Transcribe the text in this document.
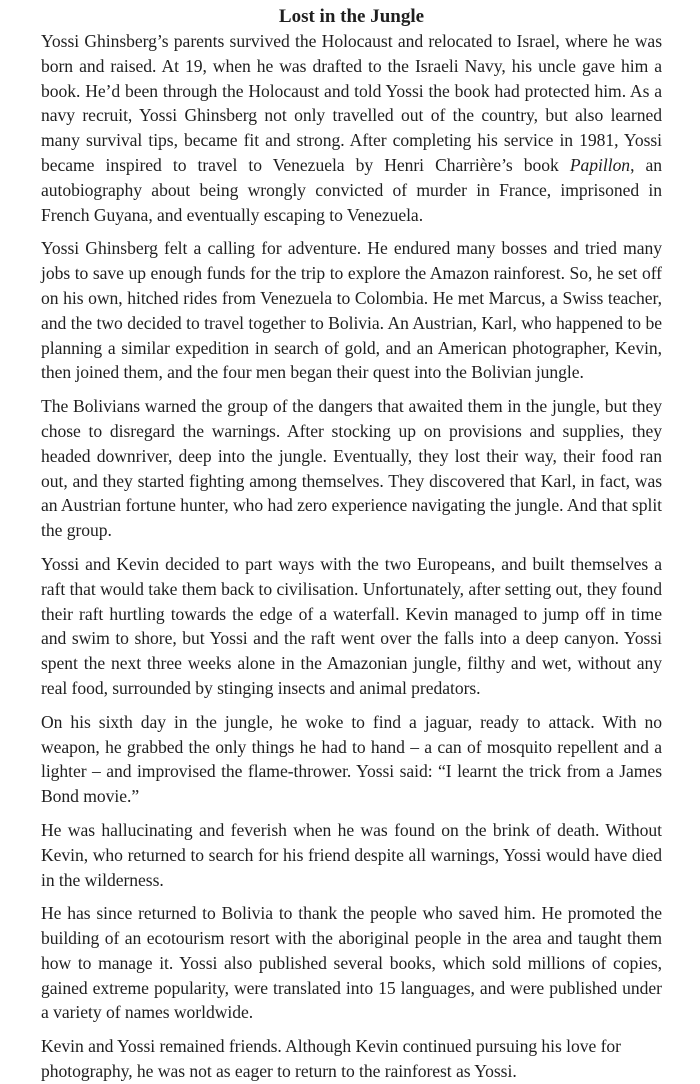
Lost in the Jungle

Yossi Ghinsberg’s parents survived the Holocaust and relocated to Israel, where he was born and raised. At 19, when he was drafted to the Israeli Navy, his uncle gave him a book. He’d been through the Holocaust and told Yossi the book had protected him. As a navy recruit, Yossi Ghinsberg not only travelled out of the country, but also learned many survival tips, became fit and strong. After completing his service in 1981, Yossi became inspired to travel to Venezuela by Henri Charrière’s book Papillon, an autobiography about being wrongly convicted of murder in France, imprisoned in French Guyana, and eventually escaping to Venezuela.

Yossi Ghinsberg felt a calling for adventure. He endured many bosses and tried many jobs to save up enough funds for the trip to explore the Amazon rainforest. So, he set off on his own, hitched rides from Venezuela to Colombia. He met Marcus, a Swiss teacher, and the two decided to travel together to Bolivia. An Austrian, Karl, who happened to be planning a similar expedition in search of gold, and an American photographer, Kevin, then joined them, and the four men began their quest into the Bolivian jungle.

The Bolivians warned the group of the dangers that awaited them in the jungle, but they chose to disregard the warnings. After stocking up on provisions and supplies, they headed downriver, deep into the jungle. Eventually, they lost their way, their food ran out, and they started fighting among themselves. They discovered that Karl, in fact, was an Austrian fortune hunter, who had zero experience navigating the jungle. And that split the group.

Yossi and Kevin decided to part ways with the two Europeans, and built themselves a raft that would take them back to civilisation. Unfortunately, after setting out, they found their raft hurtling towards the edge of a waterfall. Kevin managed to jump off in time and swim to shore, but Yossi and the raft went over the falls into a deep canyon. Yossi spent the next three weeks alone in the Amazonian jungle, filthy and wet, without any real food, surrounded by stinging insects and animal predators.

On his sixth day in the jungle, he woke to find a jaguar, ready to attack. With no weapon, he grabbed the only things he had to hand – a can of mosquito repellent and a lighter – and improvised the flame-thrower. Yossi said: “I learnt the trick from a James Bond movie.”

He was hallucinating and feverish when he was found on the brink of death. Without Kevin, who returned to search for his friend despite all warnings, Yossi would have died in the wilderness.

He has since returned to Bolivia to thank the people who saved him. He promoted the building of an ecotourism resort with the aboriginal people in the area and taught them how to manage it. Yossi also published several books, which sold millions of copies, gained extreme popularity, were translated into 15 languages, and were published under a variety of names worldwide.

Kevin and Yossi remained friends. Although Kevin continued pursuing his love for photography, he was not as eager to return to the rainforest as Yossi.
